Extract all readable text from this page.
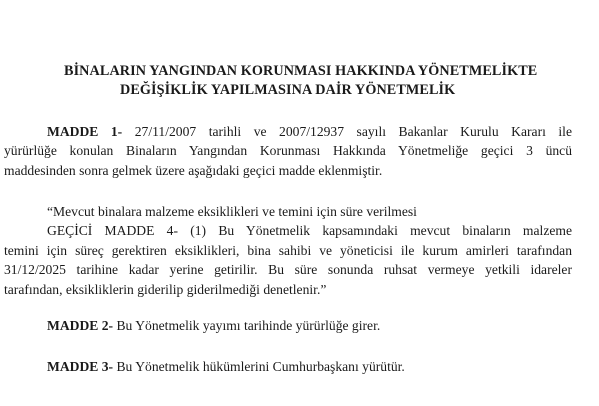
BİNALARIN YANGINDAN KORUNMASI HAKKINDA YÖNETMELİKTE
DEĞİŞİKLİK YAPILMASINA DAİR YÖNETMELİK
MADDE 1- 27/11/2007 tarihli ve 2007/12937 sayılı Bakanlar Kurulu Kararı ile
yürürlüğe konulan Binaların Yangından Korunması Hakkında Yönetmeliğe geçici 3 üncü
maddesinden sonra gelmek üzere aşağıdaki geçici madde eklenmiştir.
“Mevcut binalara malzeme eksiklikleri ve temini için süre verilmesi
GEÇİCİ MADDE 4- (1) Bu Yönetmelik kapsamındaki mevcut binaların malzeme
temini için süreç gerektiren eksiklikleri, bina sahibi ve yöneticisi ile kurum amirleri tarafından
31/12/2025 tarihine kadar yerine getirilir. Bu süre sonunda ruhsat vermeye yetkili idareler
tarafından, eksikliklerin giderilip giderilmediği denetlenir.”
MADDE 2- Bu Yönetmelik yayımı tarihinde yürürlüğe girer.
MADDE 3- Bu Yönetmelik hükümlerini Cumhurbaşkanı yürütür.
